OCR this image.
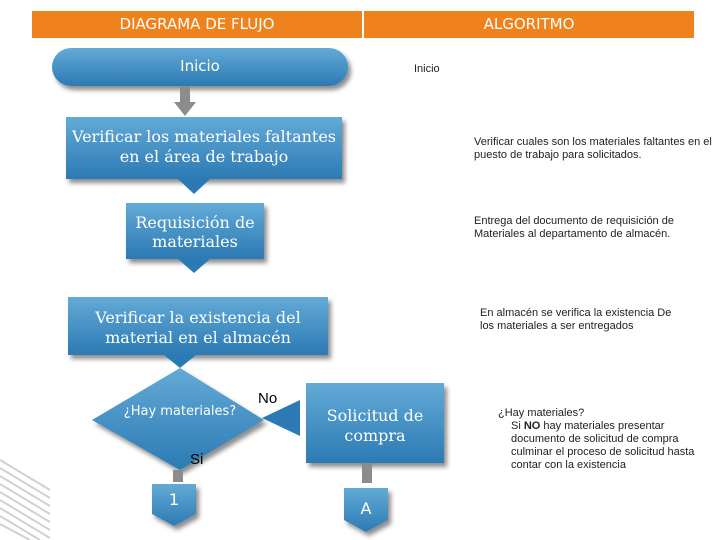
DIAGRAMA DE FLUJO	ALGORITMO
Inicio
Verificar los materiales faltantes en el área de trabajo
Requisición de materiales
Verificar la existencia del material en el almacén
¿Hay materiales?	Solicitud de compra
1	A
No
Si
Inicio
Verificar cuales son los materiales faltantes en el puesto de trabajo para solicitados.
Entrega del documento de requisición de Materiales al departamento de almacén.
En almacén se verifica la existencia De los materiales a ser entregados
¿Hay materiales?
Si NO hay materiales presentar documento de solicitud de compra culminar el proceso de solicitud hasta contar con la existencia
